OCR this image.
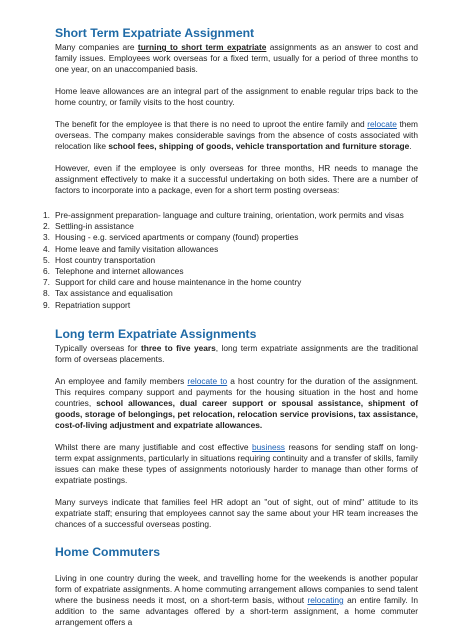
Short Term Expatriate Assignment

Many companies are turning to short term expatriate assignments as an answer to cost and family issues. Employees work overseas for a fixed term, usually for a period of three months to one year, on an unaccompanied basis.

Home leave allowances are an integral part of the assignment to enable regular trips back to the home country, or family visits to the host country.

The benefit for the employee is that there is no need to uproot the entire family and relocate them overseas. The company makes considerable savings from the absence of costs associated with relocation like school fees, shipping of goods, vehicle transportation and furniture storage.

However, even if the employee is only overseas for three months, HR needs to manage the assignment effectively to make it a successful undertaking on both sides. There are a number of factors to incorporate into a package, even for a short term posting overseas:

1. Pre-assignment preparation- language and culture training, orientation, work permits and visas
2. Settling-in assistance
3. Housing - e.g. serviced apartments or company (found) properties
4. Home leave and family visitation allowances
5. Host country transportation
6. Telephone and internet allowances
7. Support for child care and house maintenance in the home country
8. Tax assistance and equalisation
9. Repatriation support
Long term Expatriate Assignments

Typically overseas for three to five years, long term expatriate assignments are the traditional form of overseas placements.

An employee and family members relocate to a host country for the duration of the assignment. This requires company support and payments for the housing situation in the host and home countries, school allowances, dual career support or spousal assistance, shipment of goods, storage of belongings, pet relocation, relocation service provisions, tax assistance, cost-of-living adjustment and expatriate allowances.

Whilst there are many justifiable and cost effective business reasons for sending staff on long-term expat assignments, particularly in situations requiring continuity and a transfer of skills, family issues can make these types of assignments notoriously harder to manage than other forms of expatriate postings.

Many surveys indicate that families feel HR adopt an "out of sight, out of mind" attitude to its expatriate staff; ensuring that employees cannot say the same about your HR team increases the chances of a successful overseas posting.

Home Commuters

Living in one country during the week, and travelling home for the weekends is another popular form of expatriate assignments. A home commuting arrangement allows companies to send talent where the business needs it most, on a short-term basis, without relocating an entire family. In addition to the same advantages offered by a short-term assignment, a home commuter arrangement offers a
